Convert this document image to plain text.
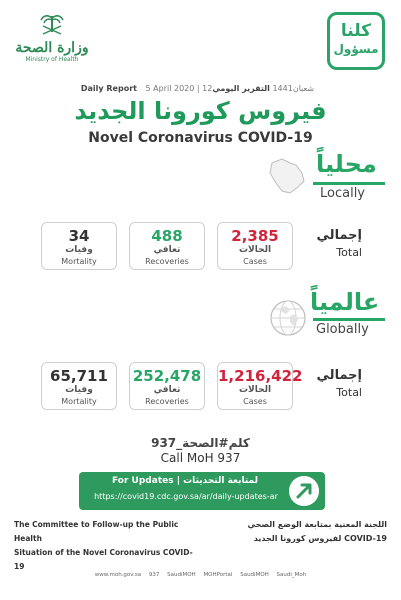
وزارة الصحة
Ministry of Health
كلنا
مسؤول
Daily Report 5 April 2020 | 12شعبان1441 التقرير اليومي
فيروس كورونا الجديد
Novel Coronavirus COVID-19
محلياً
Locally
2,385
الحالات
Cases
488
تعافي
Recoveries
34
وفيات
Mortality
إجمالي
Total
عالمياً
Globally
1,216,422
الحالات
Cases
252,478
تعافي
Recoveries
65,711
وفيات
Mortality
إجمالي
Total
كلم#الصحة_937
Call MoH 937
For Updates | لمتابعة التحديثات
https://covid19.cdc.gov.sa/ar/daily-updates-ar
The Committee to Follow-up the Public Health
Situation of the Novel Coronavirus COVID-19
اللجنة المعنية بمتابعة الوضع الصحي
لفيروس كورونا الجديد COVID-19
www.moh.gov.sa 937 SaudiMOH MOHPortal SaudiMOH Saudi_Moh
